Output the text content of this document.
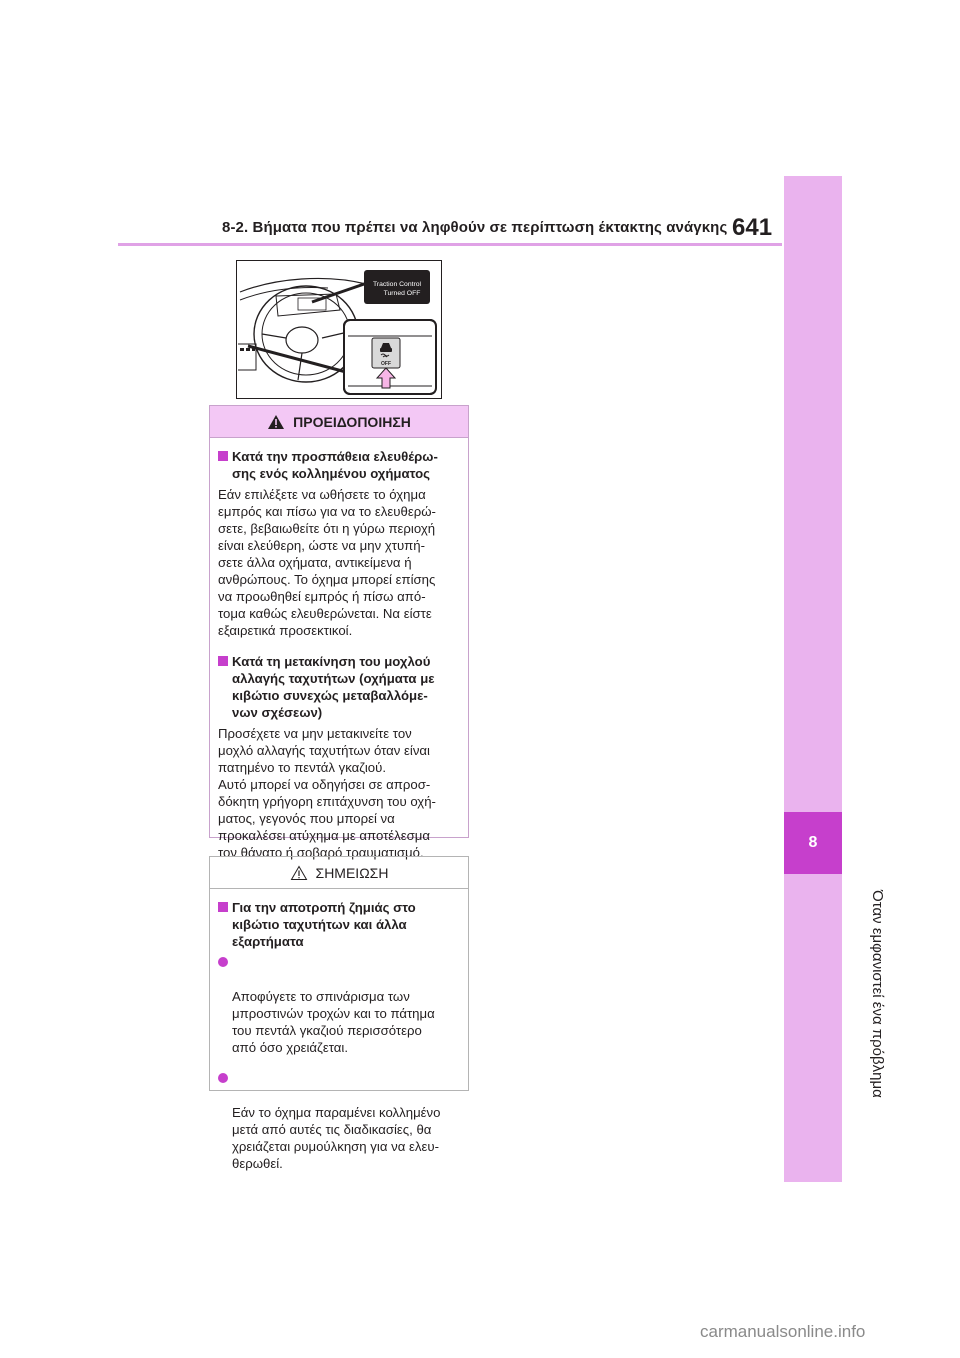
8
Όταν εμφανιστεί ένα πρόβλημα
8-2. Βήματα που πρέπει να ληφθούν σε περίπτωση έκτακτης ανάγκης 641
Traction Control
Turned OFF
OFF
ΠΡΟΕΙΔΟΠΟΙΗΣΗ
Κατά την προσπάθεια ελευθέρω-
σης ενός κολλημένου οχήματος
Εάν επιλέξετε να ωθήσετε το όχημα
εμπρός και πίσω για να το ελευθερώ-
σετε, βεβαιωθείτε ότι η γύρω περιοχή
είναι ελεύθερη, ώστε να μην χτυπή-
σετε άλλα οχήματα, αντικείμενα ή
ανθρώπους. Το όχημα μπορεί επίσης
να προωθηθεί εμπρός ή πίσω από-
τομα καθώς ελευθερώνεται. Να είστε
εξαιρετικά προσεκτικοί.
Κατά τη μετακίνηση του μοχλού
αλλαγής ταχυτήτων (οχήματα με
κιβώτιο συνεχώς μεταβαλλόμε-
νων σχέσεων)
Προσέχετε να μην μετακινείτε τον
μοχλό αλλαγής ταχυτήτων όταν είναι
πατημένο το πεντάλ γκαζιού.
Αυτό μπορεί να οδηγήσει σε απροσ-
δόκητη γρήγορη επιτάχυνση του οχή-
ματος, γεγονός που μπορεί να
προκαλέσει ατύχημα με αποτέλεσμα
τον θάνατο ή σοβαρό τραυματισμό.
ΣΗΜΕΙΩΣΗ
Για την αποτροπή ζημιάς στο
κιβώτιο ταχυτήτων και άλλα
εξαρτήματα

Αποφύγετε το σπινάρισμα των
μπροστινών τροχών και το πάτημα
του πεντάλ γκαζιού περισσότερο
από όσο χρειάζεται.

Εάν το όχημα παραμένει κολλημένο
μετά από αυτές τις διαδικασίες, θα
χρειάζεται ρυμούλκηση για να ελευ-
θερωθεί.

carmanualsonline.info
